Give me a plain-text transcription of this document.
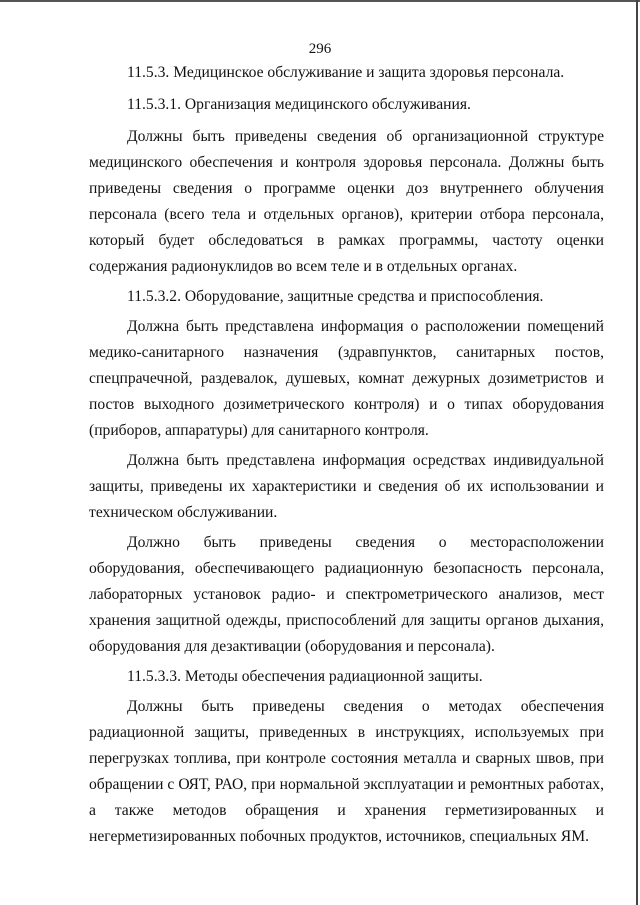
296

11.5.3. Медицинское обслуживание и защита здоровья персонала.

11.5.3.1. Организация медицинского обслуживания.

Должны быть приведены сведения об организационной структуре медицинского обеспечения и контроля здоровья персонала. Должны быть приведены сведения о программе оценки доз внутреннего облучения персонала (всего тела и отдельных органов), критерии отбора персонала, который будет обследоваться в рамках программы, частоту оценки содержания радионуклидов во всем теле и в отдельных органах.

11.5.3.2. Оборудование, защитные средства и приспособления.

Должна быть представлена информация о расположении помещений медико-санитарного назначения (здравпунктов, санитарных постов, спецпрачечной, раздевалок, душевых, комнат дежурных дозиметристов и постов выходного дозиметрического контроля) и о типах оборудования (приборов, аппаратуры) для санитарного контроля.

Должна быть представлена информация осредствах индивидуальной защиты, приведены их характеристики и сведения об их использовании и техническом обслуживании.

Должно быть приведены сведения о месторасположении оборудования, обеспечивающего радиационную безопасность персонала, лабораторных установок радио- и спектрометрического анализов, мест хранения защитной одежды, приспособлений для защиты органов дыхания, оборудования для дезактивации (оборудования и персонала).

11.5.3.3. Методы обеспечения радиационной защиты.

Должны быть приведены сведения о методах обеспечения радиационной защиты, приведенных в инструкциях, используемых при перегрузках топлива, при контроле состояния металла и сварных швов, при обращении с ОЯТ, РАО, при нормальной эксплуатации и ремонтных работах, а также методов обращения и хранения герметизированных и негерметизированных побочных продуктов, источников, специальных ЯМ.
